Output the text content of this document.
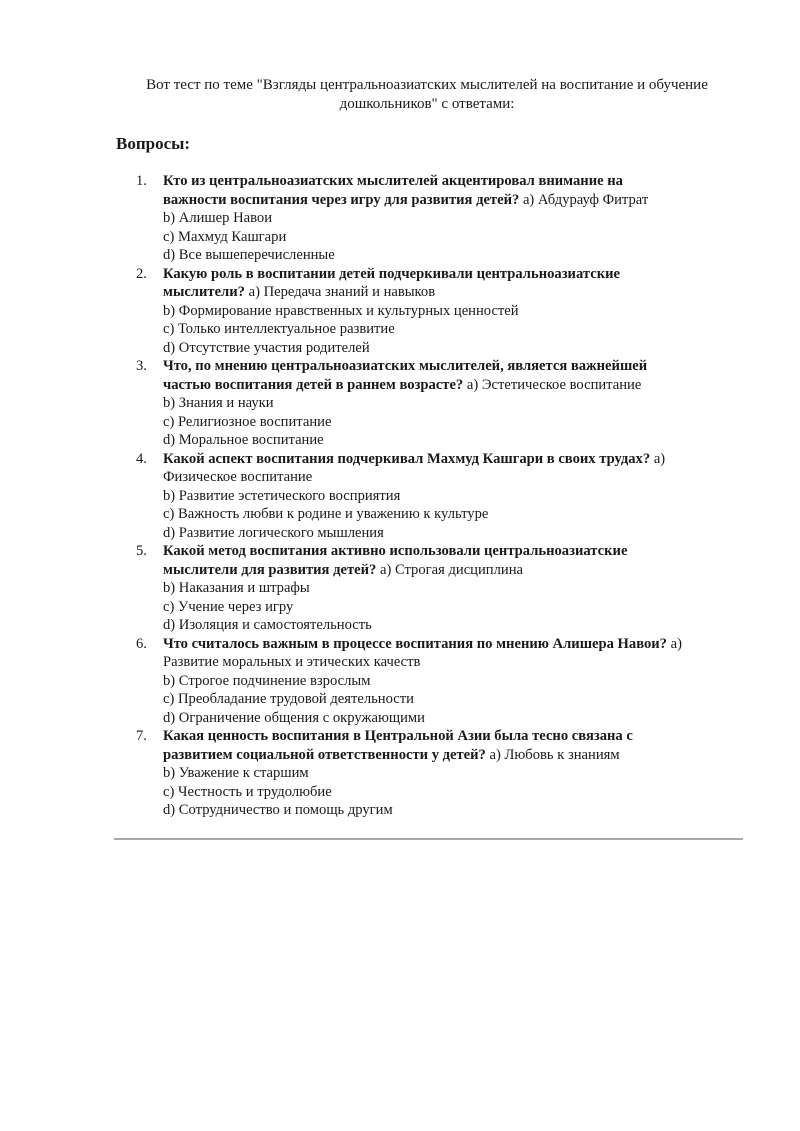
Вот тест по теме "Взгляды центральноазиатских мыслителей на воспитание и обучение
дошкольников" с ответами:
Вопросы:
1. Кто из центральноазиатских мыслителей акцентировал внимание на
важности воспитания через игру для развития детей? a) Абдурауф Фитрат
b) Алишер Навои
c) Махмуд Кашгари
d) Все вышеперечисленные
2. Какую роль в воспитании детей подчеркивали центральноазиатские
мыслители? a) Передача знаний и навыков
b) Формирование нравственных и культурных ценностей
c) Только интеллектуальное развитие
d) Отсутствие участия родителей
3. Что, по мнению центральноазиатских мыслителей, является важнейшей
частью воспитания детей в раннем возрасте? a) Эстетическое воспитание
b) Знания и науки
c) Религиозное воспитание
d) Моральное воспитание
4. Какой аспект воспитания подчеркивал Махмуд Кашгари в своих трудах? a)
Физическое воспитание
b) Развитие эстетического восприятия
c) Важность любви к родине и уважению к культуре
d) Развитие логического мышления
5. Какой метод воспитания активно использовали центральноазиатские
мыслители для развития детей? a) Строгая дисциплина
b) Наказания и штрафы
c) Учение через игру
d) Изоляция и самостоятельность
6. Что считалось важным в процессе воспитания по мнению Алишера Навои? a)
Развитие моральных и этических качеств
b) Строгое подчинение взрослым
c) Преобладание трудовой деятельности
d) Ограничение общения с окружающими
7. Какая ценность воспитания в Центральной Азии была тесно связана с
развитием социальной ответственности у детей? a) Любовь к знаниям
b) Уважение к старшим
c) Честность и трудолюбие
d) Сотрудничество и помощь другим
